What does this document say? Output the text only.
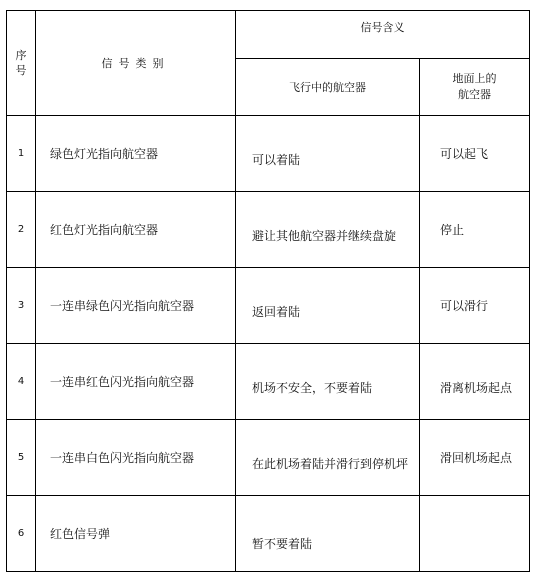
序号	信号类别	信号含义	
		飞行中的航空器	地面上的航空器
1	绿色灯光指向航空器	可以着陆	可以起飞
2	红色灯光指向航空器	避让其他航空器并继续盘旋	停止
3	一连串绿色闪光指向航空器	返回着陆	可以滑行
4	一连串红色闪光指向航空器	机场不安全，不要着陆	滑离机场起点
5	一连串白色闪光指向航空器	在此机场着陆并滑行到停机坪	滑回机场起点
6	红色信号弹	暂不要着陆	
